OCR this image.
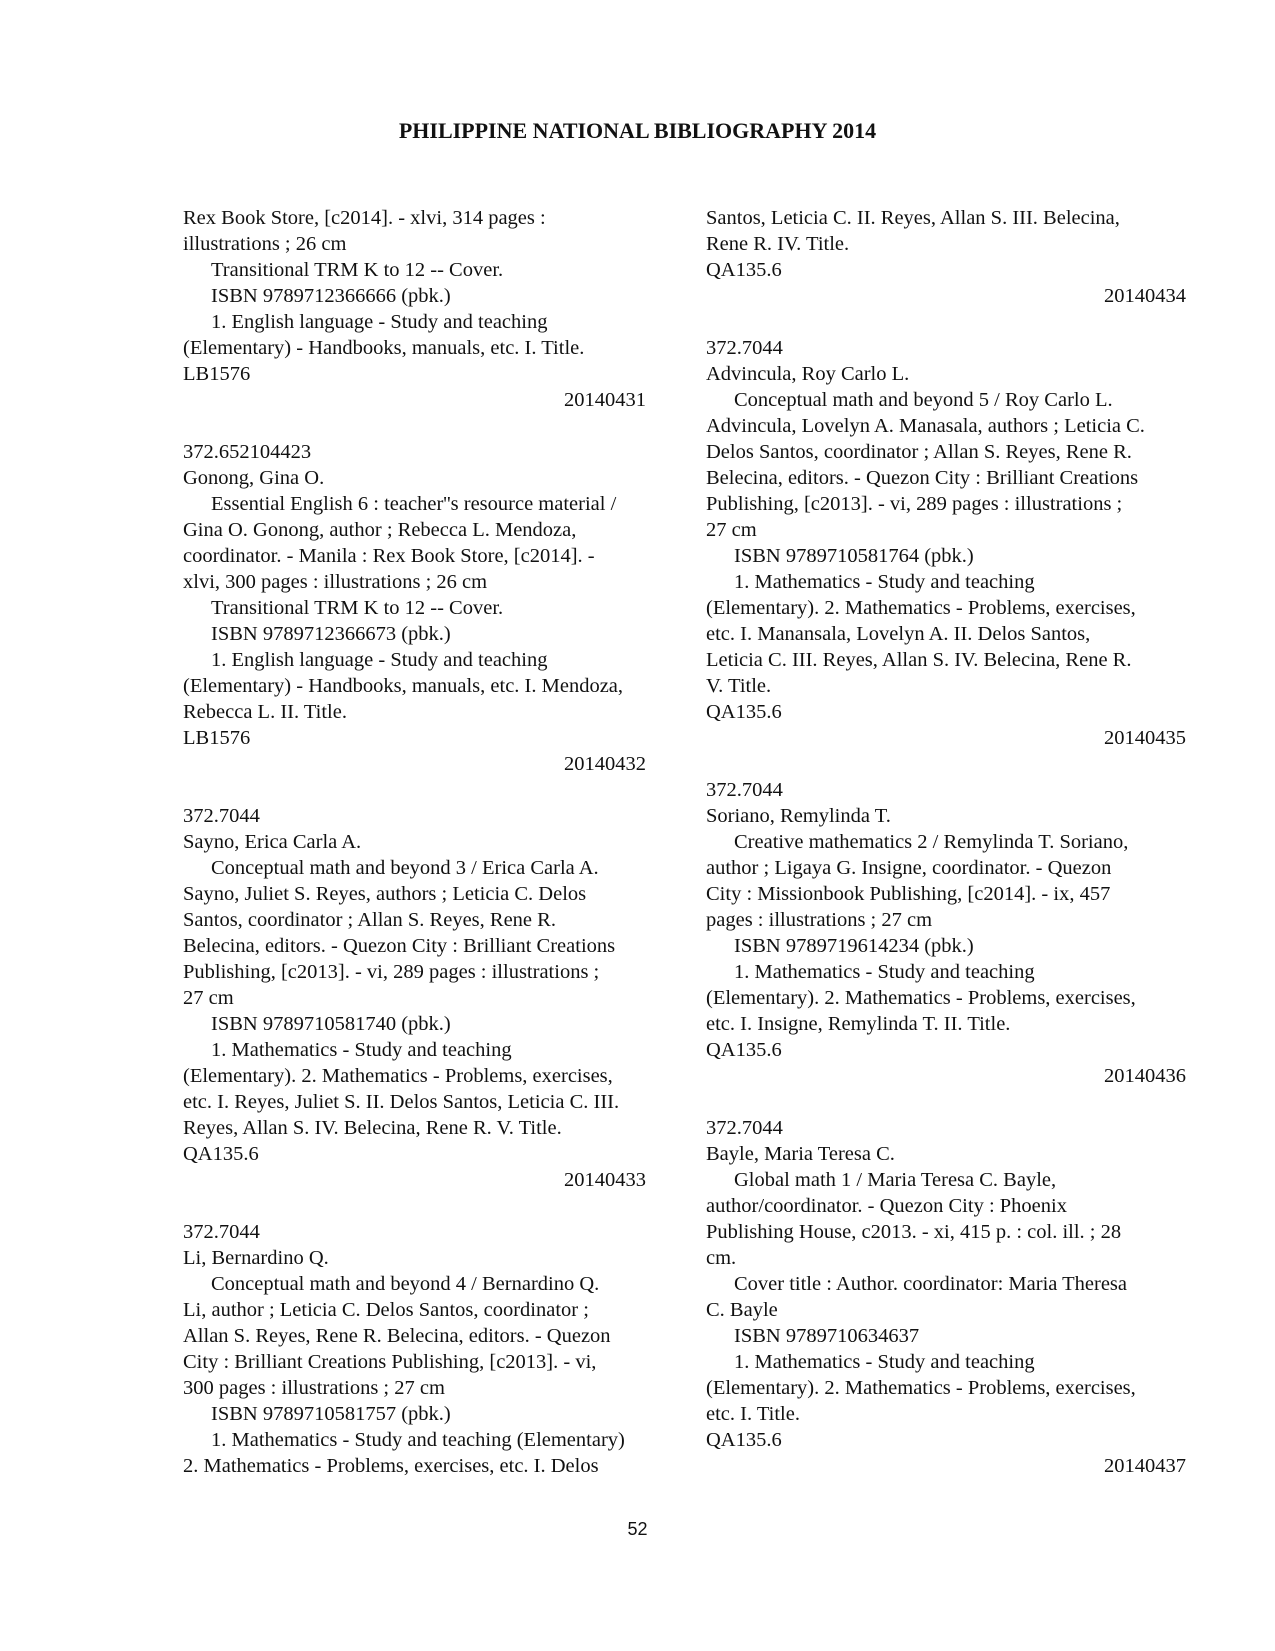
PHILIPPINE NATIONAL BIBLIOGRAPHY 2014
Rex Book Store, [c2014]. - xlvi, 314 pages :
illustrations ; 26 cm
Transitional TRM K to 12 -- Cover.
ISBN 9789712366666 (pbk.)
1. English language - Study and teaching
(Elementary) - Handbooks, manuals, etc. I. Title.
LB1576
20140431
372.652104423
Gonong, Gina O.
Essential English 6 : teacher''s resource material /
Gina O. Gonong, author ; Rebecca L. Mendoza,
coordinator. - Manila : Rex Book Store, [c2014]. -
xlvi, 300 pages : illustrations ; 26 cm
Transitional TRM K to 12 -- Cover.
ISBN 9789712366673 (pbk.)
1. English language - Study and teaching
(Elementary) - Handbooks, manuals, etc. I. Mendoza,
Rebecca L. II. Title.
LB1576
20140432
372.7044
Sayno, Erica Carla A.
Conceptual math and beyond 3 / Erica Carla A.
Sayno, Juliet S. Reyes, authors ; Leticia C. Delos
Santos, coordinator ; Allan S. Reyes, Rene R.
Belecina, editors. - Quezon City : Brilliant Creations
Publishing, [c2013]. - vi, 289 pages : illustrations ;
27 cm
ISBN 9789710581740 (pbk.)
1. Mathematics - Study and teaching
(Elementary). 2. Mathematics - Problems, exercises,
etc. I. Reyes, Juliet S. II. Delos Santos, Leticia C. III.
Reyes, Allan S. IV. Belecina, Rene R. V. Title.
QA135.6
20140433
372.7044
Li, Bernardino Q.
Conceptual math and beyond 4 / Bernardino Q.
Li, author ; Leticia C. Delos Santos, coordinator ;
Allan S. Reyes, Rene R. Belecina, editors. - Quezon
City : Brilliant Creations Publishing, [c2013]. - vi,
300 pages : illustrations ; 27 cm
ISBN 9789710581757 (pbk.)
1. Mathematics - Study and teaching (Elementary)
2. Mathematics - Problems, exercises, etc. I. Delos
Santos, Leticia C. II. Reyes, Allan S. III. Belecina,
Rene R. IV. Title.
QA135.6
20140434
372.7044
Advincula, Roy Carlo L.
Conceptual math and beyond 5 / Roy Carlo L.
Advincula, Lovelyn A. Manasala, authors ; Leticia C.
Delos Santos, coordinator ; Allan S. Reyes, Rene R.
Belecina, editors. - Quezon City : Brilliant Creations
Publishing, [c2013]. - vi, 289 pages : illustrations ;
27 cm
ISBN 9789710581764 (pbk.)
1. Mathematics - Study and teaching
(Elementary). 2. Mathematics - Problems, exercises,
etc. I. Manansala, Lovelyn A. II. Delos Santos,
Leticia C. III. Reyes, Allan S. IV. Belecina, Rene R.
V. Title.
QA135.6
20140435
372.7044
Soriano, Remylinda T.
Creative mathematics 2 / Remylinda T. Soriano,
author ; Ligaya G. Insigne, coordinator. - Quezon
City : Missionbook Publishing, [c2014]. - ix, 457
pages : illustrations ; 27 cm
ISBN 9789719614234 (pbk.)
1. Mathematics - Study and teaching
(Elementary). 2. Mathematics - Problems, exercises,
etc. I. Insigne, Remylinda T. II. Title.
QA135.6
20140436
372.7044
Bayle, Maria Teresa C.
Global math 1 / Maria Teresa C. Bayle,
author/coordinator. - Quezon City : Phoenix
Publishing House, c2013. - xi, 415 p. : col. ill. ; 28
cm.
Cover title : Author. coordinator: Maria Theresa
C. Bayle
ISBN 9789710634637
1. Mathematics - Study and teaching
(Elementary). 2. Mathematics - Problems, exercises,
etc. I. Title.
QA135.6
20140437
52
